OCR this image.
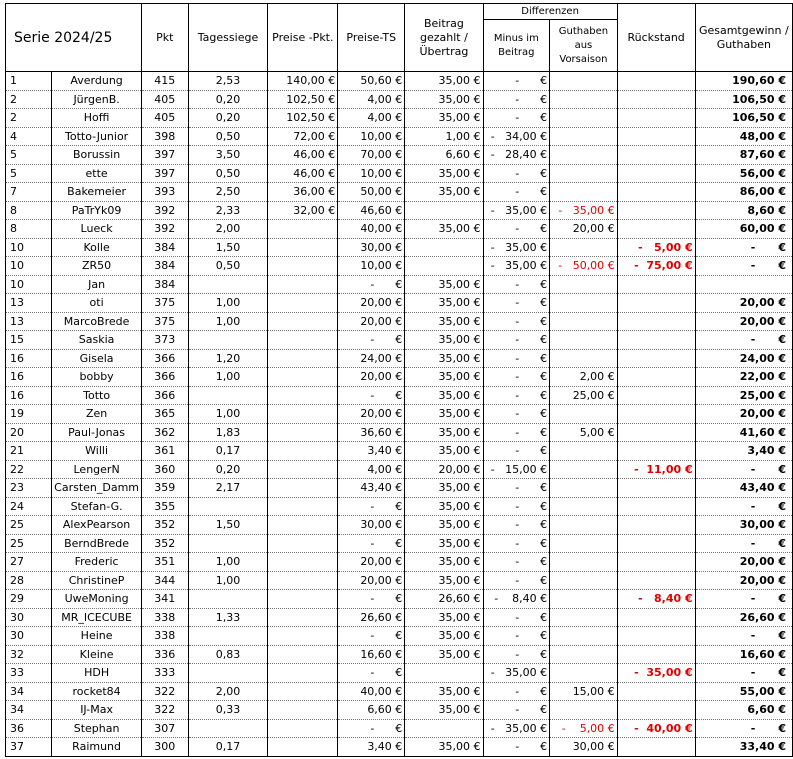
Serie 2024/25		Pkt	Tagessiege	Preise -Pkt.	Preise-TS	Beitrag gezahlt / Übertrag	Differenzen		Rückstand	Gesamtgewinn / Guthaben
							Minus im Beitrag	Guthaben aus Vorsaison		
1	Averdung	415	2,53	140,00 €	50,60 €	35,00 €	-      €			190,60 €
2	JürgenB.	405	0,20	102,50 €	4,00 €	35,00 €	-      €			106,50 €
2	Hoffi	405	0,20	102,50 €	4,00 €	35,00 €	-      €			106,50 €
4	Totto-Junior	398	0,50	72,00 €	10,00 €	1,00 €	-   34,00 €			48,00 €
5	Borussin	397	3,50	46,00 €	70,00 €	6,60 €	-   28,40 €			87,60 €
5	ette	397	0,50	46,00 €	10,00 €	35,00 €	-      €			56,00 €
7	Bakemeier	393	2,50	36,00 €	50,00 €	35,00 €	-      €			86,00 €
8	PaTrYk09	392	2,33	32,00 €	46,60 €		-   35,00 €	-   35,00 €		8,60 €
8	Lueck	392	2,00		40,00 €	35,00 €	-      €	20,00 €		60,00 €
10	Kolle	384	1,50		30,00 €		-   35,00 €		-   5,00 €	-      €
10	ZR50	384	0,50		10,00 €		-   35,00 €	-   50,00 €	-  75,00 €	-      €
10	Jan	384			-      €	35,00 €	-      €			
13	oti	375	1,00		20,00 €	35,00 €	-      €			20,00 €
13	MarcoBrede	375	1,00		20,00 €	35,00 €	-      €			20,00 €
15	Saskia	373			-      €	35,00 €	-      €			-      €
16	Gisela	366	1,20		24,00 €	35,00 €	-      €			24,00 €
16	bobby	366	1,00		20,00 €	35,00 €	-      €	2,00 €		22,00 €
16	Totto	366			-      €	35,00 €	-      €	25,00 €		25,00 €
19	Zen	365	1,00		20,00 €	35,00 €	-      €			20,00 €
20	Paul-Jonas	362	1,83		36,60 €	35,00 €	-      €	5,00 €		41,60 €
21	Willi	361	0,17		3,40 €	35,00 €	-      €			3,40 €
22	LengerN	360	0,20		4,00 €	20,00 €	-   15,00 €		-  11,00 €	-      €
23	Carsten_Damm	359	2,17		43,40 €	35,00 €	-      €			43,40 €
24	Stefan-G.	355			-      €	35,00 €	-      €			-      €
25	AlexPearson	352	1,50		30,00 €	35,00 €	-      €			30,00 €
25	BerndBrede	352			-      €	35,00 €	-      €			-      €
27	Frederic	351	1,00		20,00 €	35,00 €	-      €			20,00 €
28	ChristineP	344	1,00		20,00 €	35,00 €	-      €			20,00 €
29	UweMoning	341			-      €	26,60 €	-    8,40 €		-   8,40 €	-      €
30	MR_ICECUBE	338	1,33		26,60 €	35,00 €	-      €			26,60 €
30	Heine	338			-      €	35,00 €	-      €			-      €
32	Kleine	336	0,83		16,60 €	35,00 €	-      €			16,60 €
33	HDH	333			-      €		-   35,00 €		-  35,00 €	-      €
34	rocket84	322	2,00		40,00 €	35,00 €	-      €	15,00 €		55,00 €
34	IJ-Max	322	0,33		6,60 €	35,00 €	-      €			6,60 €
36	Stephan	307			-      €		-   35,00 €	-    5,00 €	-  40,00 €	-      €
37	Raimund	300	0,17		3,40 €	35,00 €	-      €	30,00 €		33,40 €
